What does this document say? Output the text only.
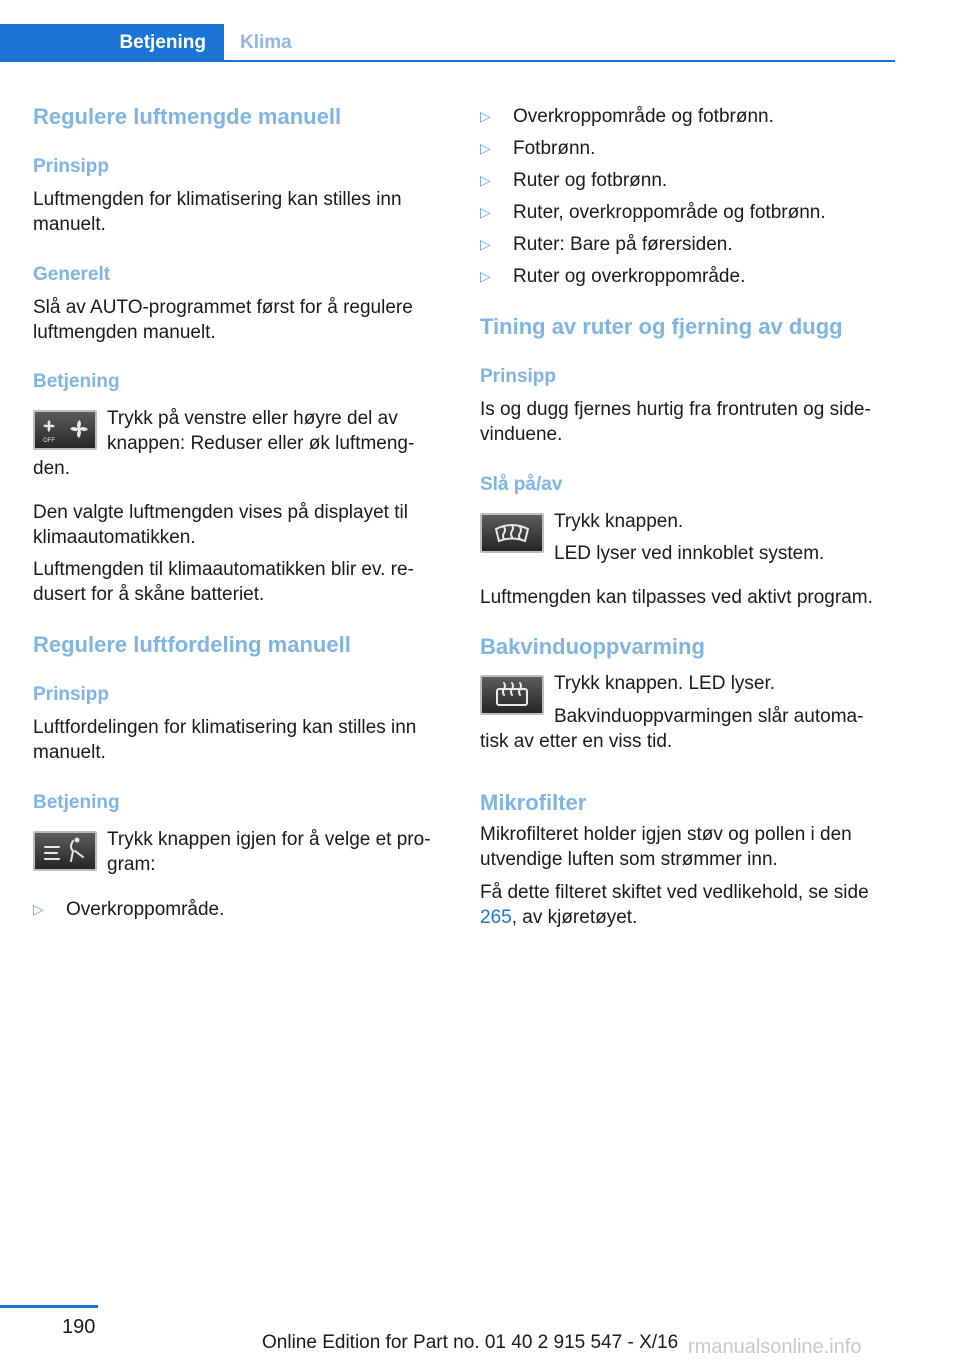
Betjening	Klima
Regulere luftmengde manuell
Prinsipp
Luftmengden for klimatisering kan stilles inn manuelt.
Generelt
Slå av AUTO-programmet først for å regulere luftmengden manuelt.
Betjening
OFF
Trykk på venstre eller høyre del av knappen: Reduser eller øk luftmeng-
den.
Den valgte luftmengden vises på displayet til klimaautomatikken.
Luftmengden til klimaautomatikken blir ev. re- dusert for å skåne batteriet.
Regulere luftfordeling manuell
Prinsipp
Luftfordelingen for klimatisering kan stilles inn manuelt.
Betjening
Trykk knappen igjen for å velge et pro- gram:
▷ Overkroppområde.
▷ Overkroppområde og fotbrønn.
▷ Fotbrønn.
▷ Ruter og fotbrønn.
▷ Ruter, overkroppområde og fotbrønn.
▷ Ruter: Bare på førersiden.
▷ Ruter og overkroppområde.
Tining av ruter og fjerning av dugg
Prinsipp
Is og dugg fjernes hurtig fra frontruten og side- vinduene.
Slå på/av
Trykk knappen.
LED lyser ved innkoblet system.
Luftmengden kan tilpasses ved aktivt program.
Bakvinduoppvarming
Trykk knappen. LED lyser.
Bakvinduoppvarmingen slår automa-
tisk av etter en viss tid.
Mikrofilter
Mikrofilteret holder igjen støv og pollen i den utvendige luften som strømmer inn.
Få dette filteret skiftet ved vedlikehold, se side 265, av kjøretøyet.
190
Online Edition for Part no. 01 40 2 915 547 - X/16 rmanualsonline.info
